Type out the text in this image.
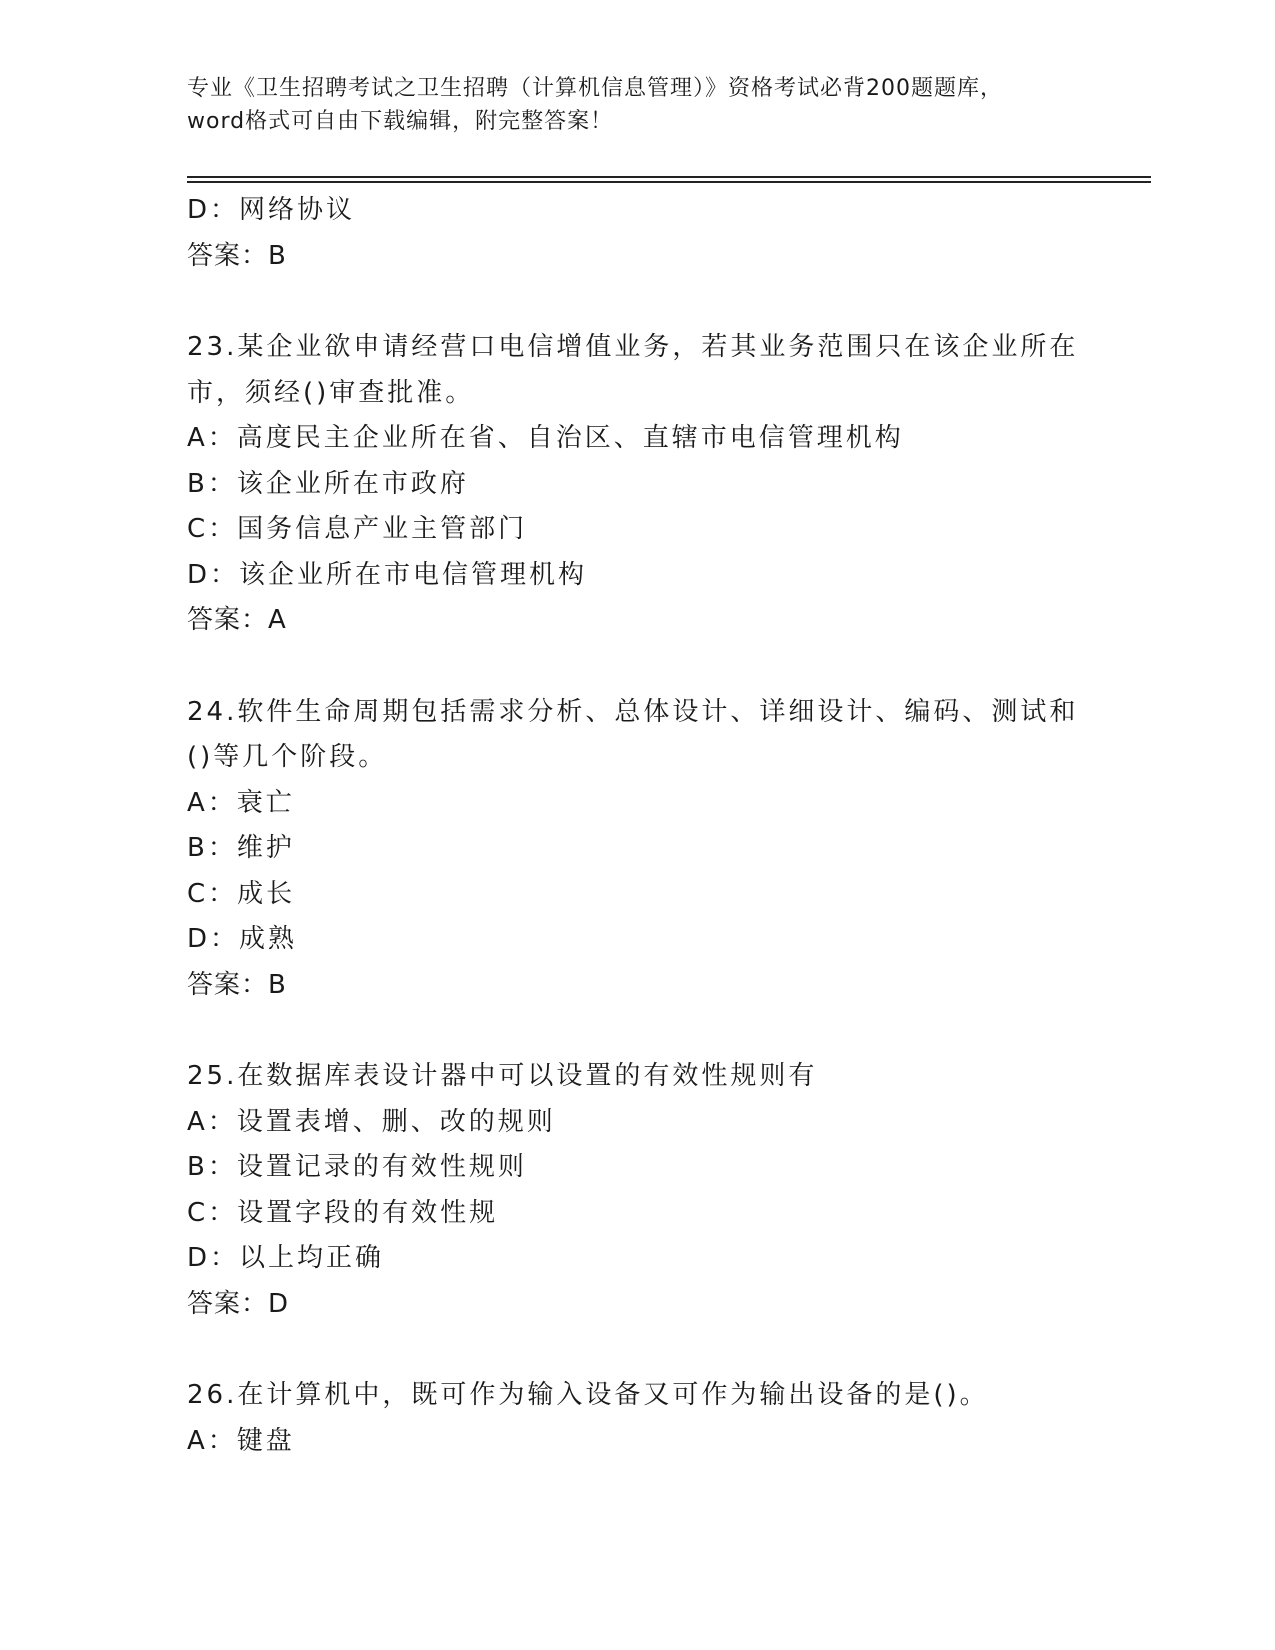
专业《卫生招聘考试之卫生招聘（计算机信息管理）》资格考试必背200题题库，
word格式可自由下载编辑，附完整答案！
D：网络协议
答案：B
23.某企业欲申请经营口电信增值业务，若其业务范围只在该企业所在
市，须经()审查批准。
A：高度民主企业所在省、自治区、直辖市电信管理机构
B：该企业所在市政府
C：国务信息产业主管部门
D：该企业所在市电信管理机构
答案：A
24.软件生命周期包括需求分析、总体设计、详细设计、编码、测试和
()等几个阶段。
A：衰亡
B：维护
C：成长
D：成熟
答案：B
25.在数据库表设计器中可以设置的有效性规则有
A：设置表增、删、改的规则
B：设置记录的有效性规则
C：设置字段的有效性规
D：以上均正确
答案：D
26.在计算机中，既可作为输入设备又可作为输出设备的是()。
A：键盘
